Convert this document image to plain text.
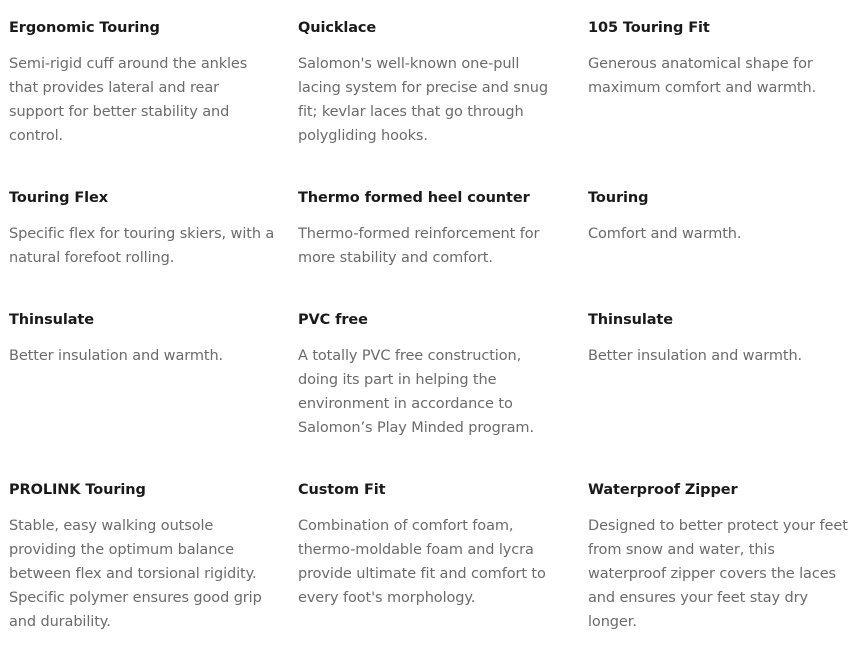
Ergonomic Touring

Semi-rigid cuff around the ankles that provides lateral and rear support for better stability and control.

Quicklace

Salomon's well-known one-pull lacing system for precise and snug fit; kevlar laces that go through polygliding hooks.

105 Touring Fit

Generous anatomical shape for maximum comfort and warmth.

Touring Flex

Specific flex for touring skiers, with a natural forefoot rolling.

Thermo formed heel counter

Thermo-formed reinforcement for more stability and comfort.

Touring

Comfort and warmth.

Thinsulate

Better insulation and warmth.

PVC free

A totally PVC free construction, doing its part in helping the environment in accordance to Salomon’s Play Minded program.

Thinsulate

Better insulation and warmth.

PROLINK Touring

Stable, easy walking outsole providing the optimum balance between flex and torsional rigidity. Specific polymer ensures good grip and durability.

Custom Fit

Combination of comfort foam, thermo-moldable foam and lycra provide ultimate fit and comfort to every foot's morphology.

Waterproof Zipper

Designed to better protect your feet from snow and water, this waterproof zipper covers the laces and ensures your feet stay dry longer.
